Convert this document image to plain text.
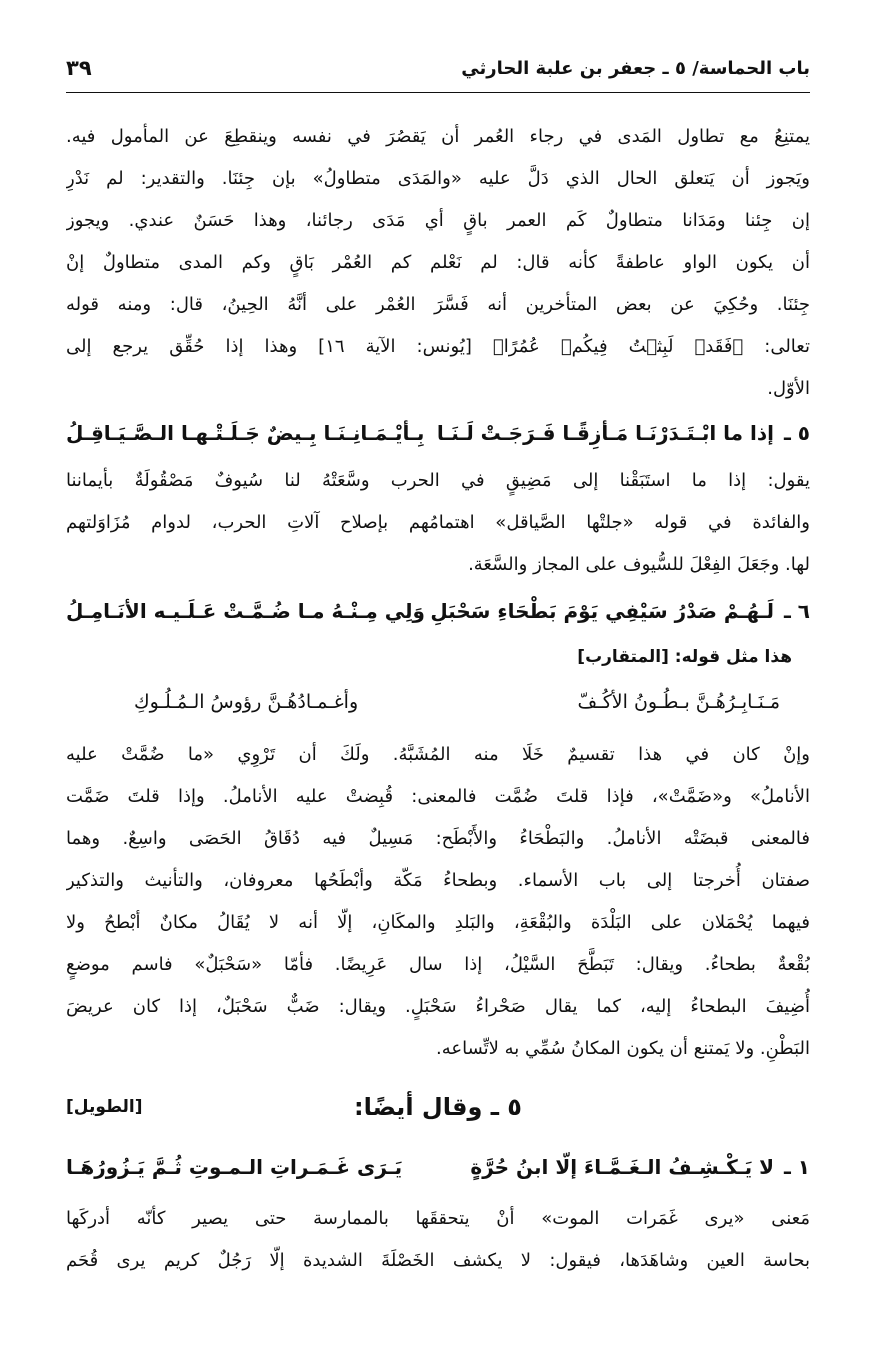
باب الحماسة/ ٥ ـ جعفر بن علبة الحارثي
٣٩
يمتنِعُ مع تطاول المَدى في رجاء العُمر أن يَقصُرَ في نفسه وينقطِعَ عن المأمول فيه.
ويَجوز أن يَتعلق الحال الذي دَلَّ عليه «والمَدَى متطاولُ» بإن جِئنَا. والتقدير: لم نَدْرِ
إن جِئنا ومَدَانا متطاولٌ كَم العمر باقٍ أي مَدَى رجائنا، وهذا حَسَنٌ عندي. ويجوز
أن يكون الواو عاطفةً كأنه قال: لم نَعْلم كم العُمْر بَاقٍ وكم المدى متطاولٌ إنْ
جِئنَا. وحُكِيَ عن بعض المتأخرين أنه فَسَّرَ العُمْر على أنَّهُ الحِينُ، قال: ومنه قوله
تعالى: ﴿فَقَدۡ لَبِثۡتُ فِيكُمۡ عُمُرًا﴾ [يُونس: الآية ١٦] وهذا إذا حُقِّق يرجع إلى
الأوّل.
٥ ـ
إذا ما ابْـتَـدَرْنَـا مَـأزِقًـا فَـرَجَـتْ لَـنَـا
بِـأيْـمَـانِـنَـا بِـيضٌ جَـلَـتْـهـا الـصَّـيَـاقِـلُ
يقول: إذا ما استَبَقْنا إلى مَضِيقٍ في الحرب وسَّعَتْهُ لنا سُيوفٌ مَصْقُولَةٌ بأيماننا
والفائدة في قوله «جلتْها الصَّياقل» اهتمامُهم بإصلاح آلاتِ الحرب، لدوام مُزَاوَلتهم
لها. وجَعَلَ الفِعْلَ للسُّيوف على المجاز والسَّعَة.
٦ ـ
لَـهُـمْ صَدْرُ سَيْفِي يَوْمَ بَطْحَاءِ سَحْبَلِ
وَلِي مِـنْـهُ مـا ضُـمَّـتْ عَـلَـيـه الأنَـامِـلُ
هذا مثل قوله: [المتقارب]
مَـنَـابِـرُهُـنَّ بـطُـونُ الأكُـفّ
وأغـمـادُهُـنَّ رؤوسُ الـمُـلُـوكِ
وإنْ كان في هذا تقسيمٌ خَلَا منه المُشَبَّهُ. ولَكَ أن تَرْوِي «ما ضُمَّتْ عليه
الأناملُ» و«ضَمَّتْ»، فإذا قلتَ ضُمَّت فالمعنى: قُبِضتْ عليه الأناملُ. وإذا قلتَ ضَمَّت
فالمعنى قبضَتْه الأناملُ. والبَطْحَاءُ والأَبْطَح: مَسِيلٌ فيه دُقَاقُ الحَصَى واسِعٌ. وهما
صفتان أُخرجتا إلى باب الأسماء. وبطحاءُ مَكّة وأبْطَحُها معروفان، والتأنيث والتذكير
فيهما يُحْمَلان على البَلْدَة والبُقْعَةِ، والبَلدِ والمكَانِ، إلّا أنه لا يُقَالُ مكانٌ أبْطحُ ولا
بُقْعةٌ بطحاءُ. ويقال: تَبَطَّحَ السَّيْلُ، إذا سال عَرِيضًا. فأمّا «سَحْبَلٌ» فاسم موضعٍ
أُضِيفَ البطحاءُ إليه، كما يقال صَحْراءُ سَحْبَلٍ. ويقال: ضَبٌّ سَحْبَلٌ، إذا كان عريضَ
البَطْنِ. ولا يَمتنع أن يكون المكانُ سُمِّي به لاتِّساعه.
٥ ـ وقال أيضًا:
[الطويل]
١ ـ
لا يَـكْـشِـفُ الـغَـمَّـاءَ إلّا ابنُ حُرَّةٍ
يَـرَى غَـمَـراتِ الـمـوتِ ثُـمَّ يَـزُورُهَـا
مَعنى «يرى غَمَرات الموت» أنْ يتحققَها بالممارسة حتى يصير كأنّه أدركَها
بحاسة العين وشاهَدَها، فيقول: لا يكشف الخَصْلَةَ الشديدة إلّا رَجُلٌ كريم يرى قُحَم
